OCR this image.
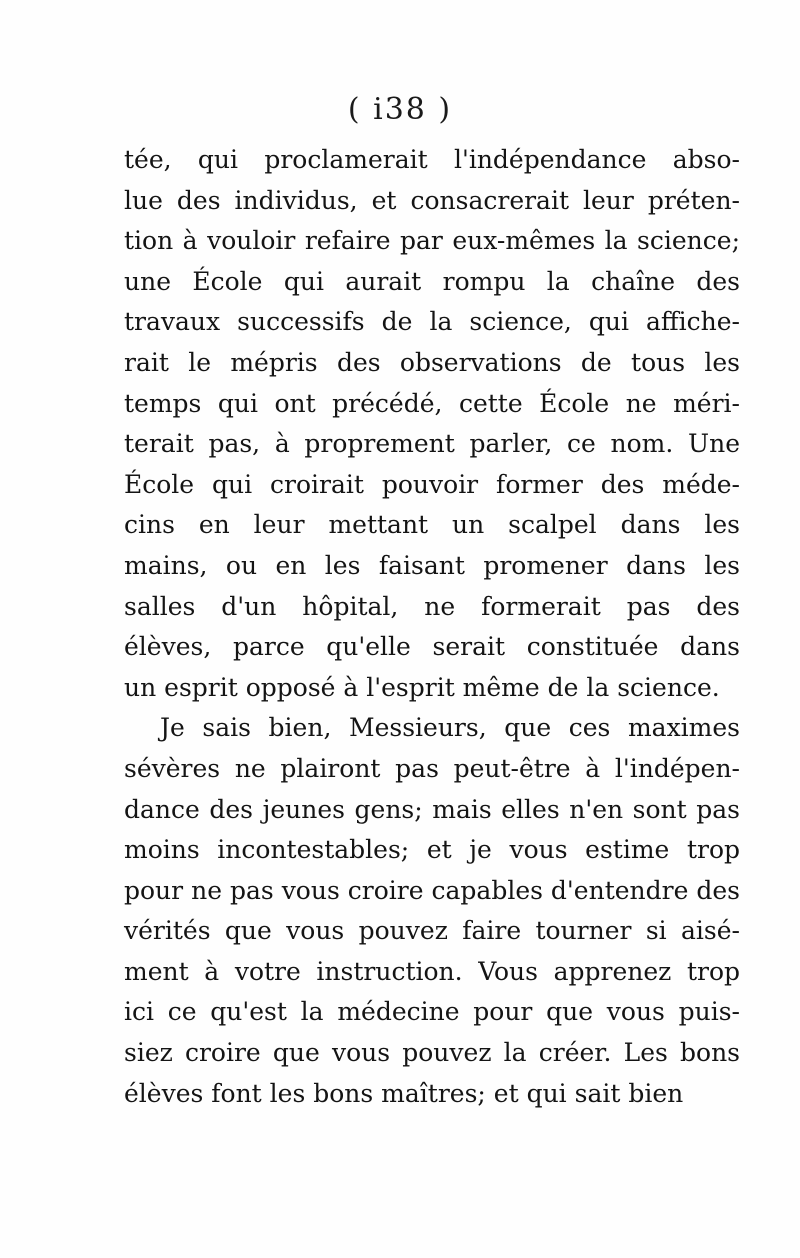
( i38 )
tée, qui proclamerait l'indépendance abso-
lue des individus, et consacrerait leur préten-
tion à vouloir refaire par eux-mêmes la science;
une École qui aurait rompu la chaîne des
travaux successifs de la science, qui affiche-
rait le mépris des observations de tous les
temps qui ont précédé, cette École ne méri-
terait pas, à proprement parler, ce nom. Une
École qui croirait pouvoir former des méde-
cins en leur mettant un scalpel dans les
mains, ou en les faisant promener dans les
salles d'un hôpital, ne formerait pas des
élèves, parce qu'elle serait constituée dans
un esprit opposé à l'esprit même de la science.
Je sais bien, Messieurs, que ces maximes
sévères ne plairont pas peut-être à l'indépen-
dance des jeunes gens; mais elles n'en sont pas
moins incontestables; et je vous estime trop
pour ne pas vous croire capables d'entendre des
vérités que vous pouvez faire tourner si aisé-
ment à votre instruction. Vous apprenez trop
ici ce qu'est la médecine pour que vous puis-
siez croire que vous pouvez la créer. Les bons
élèves font les bons maîtres; et qui sait bien
